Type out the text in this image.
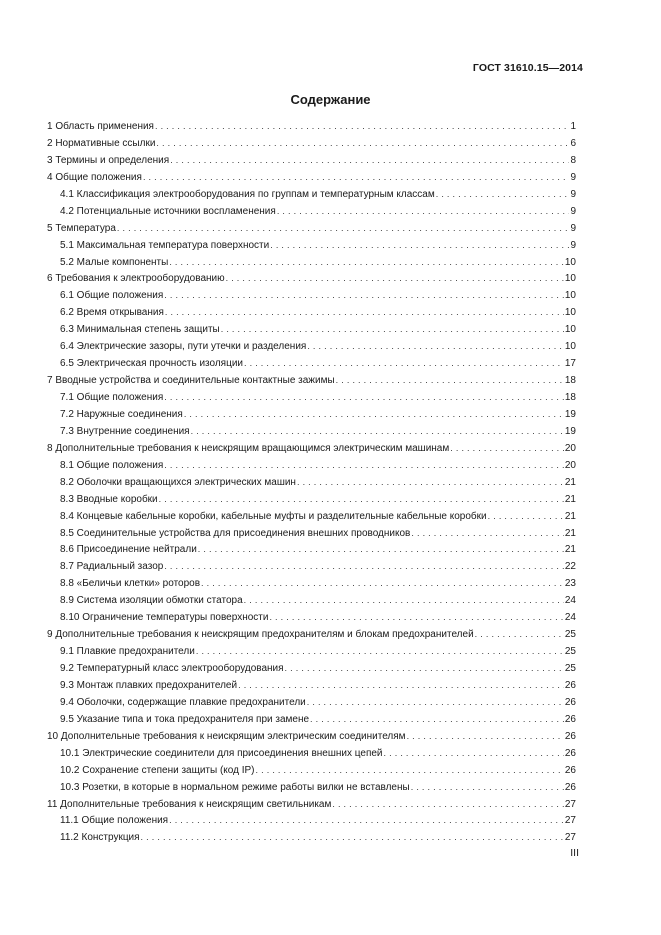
ГОСТ 31610.15—2014
Содержание
1 Область применения . . .	1
2 Нормативные ссылки . . .	6
3 Термины и определения . . .	8
4 Общие положения . . .	9
4.1 Классификация электрооборудования по группам и температурным классам . . .	9
4.2 Потенциальные источники воспламенения . . .	9
5 Температура . . .	9
5.1 Максимальная температура поверхности . . .	9
5.2 Малые компоненты . . .	10
6 Требования к электрооборудованию . . .	10
6.1 Общие положения . . .	10
6.2 Время открывания . . .	10
6.3 Минимальная степень защиты . . .	10
6.4 Электрические зазоры, пути утечки и разделения . . .	10
6.5 Электрическая прочность изоляции . . .	17
7 Вводные устройства и соединительные контактные зажимы . . .	18
7.1 Общие положения . . .	18
7.2 Наружные соединения . . .	19
7.3 Внутренние соединения . . .	19
8 Дополнительные требования к неискрящим вращающимся электрическим машинам . . .	20
8.1 Общие положения . . .	20
8.2 Оболочки вращающихся электрических машин . . .	21
8.3 Вводные коробки . . .	21
8.4 Концевые кабельные коробки, кабельные муфты и разделительные кабельные коробки . . .	21
8.5 Соединительные устройства для присоединения внешних проводников . . .	21
8.6 Присоединение нейтрали . . .	21
8.7 Радиальный зазор . . .	22
8.8 «Беличьи клетки» роторов . . .	23
8.9 Система изоляции обмотки статора . . .	24
8.10 Ограничение температуры поверхности . . .	24
9 Дополнительные требования к неискрящим предохранителям и блокам предохранителей . . .	25
9.1 Плавкие предохранители . . .	25
9.2 Температурный класс электрооборудования . . .	25
9.3 Монтаж плавких предохранителей . . .	26
9.4 Оболочки, содержащие плавкие предохранители . . .	26
9.5 Указание типа и тока предохранителя при замене . . .	26
10 Дополнительные требования к неискрящим электрическим соединителям . . .	26
10.1 Электрические соединители для присоединения внешних цепей . . .	26
10.2 Сохранение степени защиты (код IP) . . .	26
10.3 Розетки, в которые в нормальном режиме работы вилки не вставлены . . .	26
11 Дополнительные требования к неискрящим светильникам . . .	27
11.1 Общие положения . . .	27
11.2 Конструкция . . .	27
III
